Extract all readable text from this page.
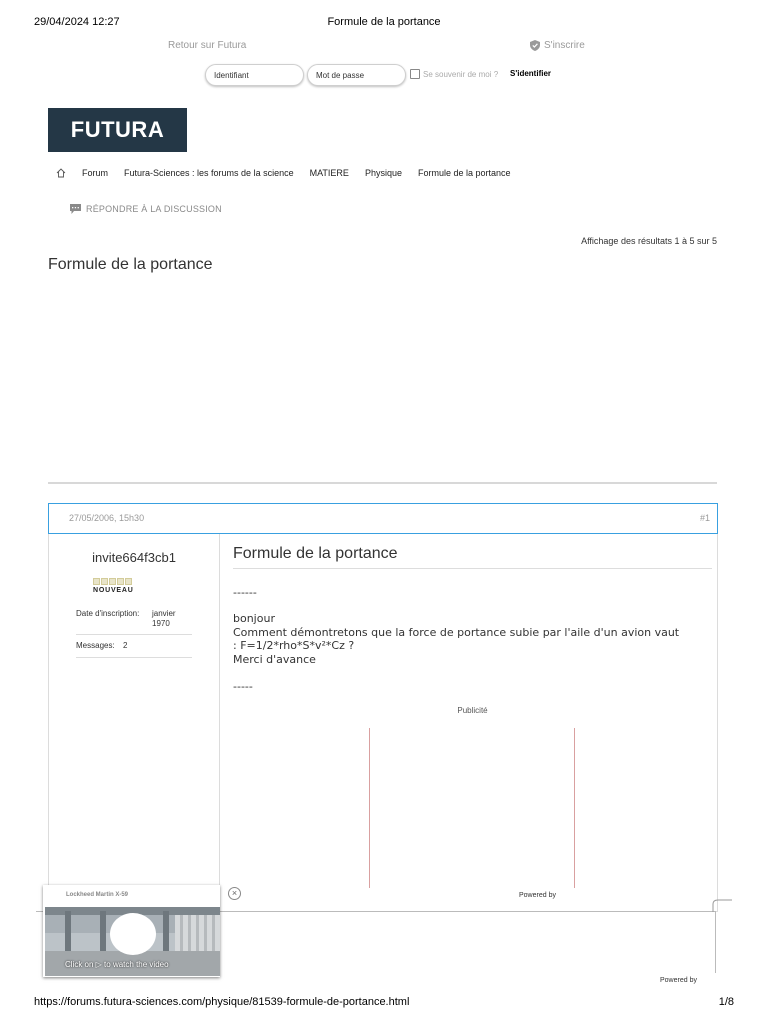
29/04/2024 12:27	Formule de la portance
Retour sur Futura	S'inscrire
Identifiant
Se souvenir de moi ? S'identifier
FUTURA
Forum Futura-Sciences : les forums de la science MATIERE Physique Formule de la portance
RÉPONDRE À LA DISCUSSION
Affichage des résultats 1 à 5 sur 5
Formule de la portance
27/05/2006, 15h30	#1
invite664f3cb1
NOUVEAU
Date d'inscription: janvier
1970
Messages: 2
Formule de la portance
------
bonjour
Comment démontretons que la force de portance subie par l'aile d'un avion vaut
: F=1/2*rho*S*v²*Cz ?
Merci d'avance
-----
Publicité
×	Powered by
Powered by
Lockheed Martin X-59
Click on ▷ to watch the video
https://forums.futura-sciences.com/physique/81539-formule-de-portance.html	1/8
